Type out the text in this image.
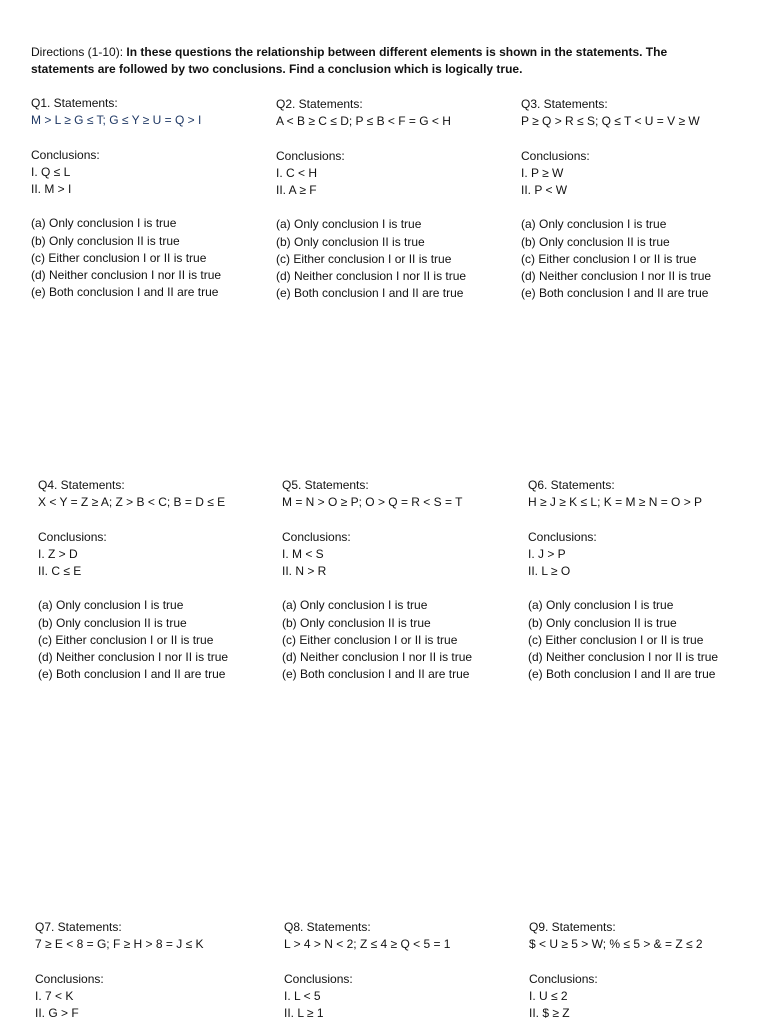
Directions (1-10): In these questions the relationship between different elements is shown in the statements. The statements are followed by two conclusions. Find a conclusion which is logically true.
Q1. Statements:
M > L ≥ G ≤ T; G ≤ Y ≥ U = Q > I
Conclusions:
I. Q ≤ L
II. M > I
(a) Only conclusion I is true
(b) Only conclusion II is true
(c) Either conclusion I or II is true
(d) Neither conclusion I nor II is true
(e) Both conclusion I and II are true
Q2. Statements:
A < B ≥ C ≤ D; P ≤ B < F = G < H
Conclusions:
I. C < H
II. A ≥ F
(a) Only conclusion I is true
(b) Only conclusion II is true
(c) Either conclusion I or II is true
(d) Neither conclusion I nor II is true
(e) Both conclusion I and II are true
Q3. Statements:
P ≥ Q > R ≤ S; Q ≤ T < U = V ≥ W
Conclusions:
I. P ≥ W
II. P < W
(a) Only conclusion I is true
(b) Only conclusion II is true
(c) Either conclusion I or II is true
(d) Neither conclusion I nor II is true
(e) Both conclusion I and II are true
Q4. Statements:
X < Y = Z ≥ A; Z > B < C; B = D ≤ E
Conclusions:
I. Z > D
II. C ≤ E
(a) Only conclusion I is true
(b) Only conclusion II is true
(c) Either conclusion I or II is true
(d) Neither conclusion I nor II is true
(e) Both conclusion I and II are true
Q5. Statements:
M = N > O ≥ P; O > Q = R < S = T
Conclusions:
I. M < S
II. N > R
(a) Only conclusion I is true
(b) Only conclusion II is true
(c) Either conclusion I or II is true
(d) Neither conclusion I nor II is true
(e) Both conclusion I and II are true
Q6. Statements:
H ≥ J ≥ K ≤ L; K = M ≥ N = O > P
Conclusions:
I. J > P
II. L ≥ O
(a) Only conclusion I is true
(b) Only conclusion II is true
(c) Either conclusion I or II is true
(d) Neither conclusion I nor II is true
(e) Both conclusion I and II are true
Q7. Statements:
7 ≥ E < 8 = G; F ≥ H > 8 = J ≤ K
Conclusions:
I. 7 < K
II. G > F
Q8. Statements:
L > 4 > N < 2; Z ≤ 4 ≥ Q < 5 = 1
Conclusions:
I. L < 5
II. L ≥ 1
Q9. Statements:
$ < U ≥ 5 > W; % ≤ 5 > & = Z ≤ 2
Conclusions:
I. U ≤ 2
II. $ ≥ Z
